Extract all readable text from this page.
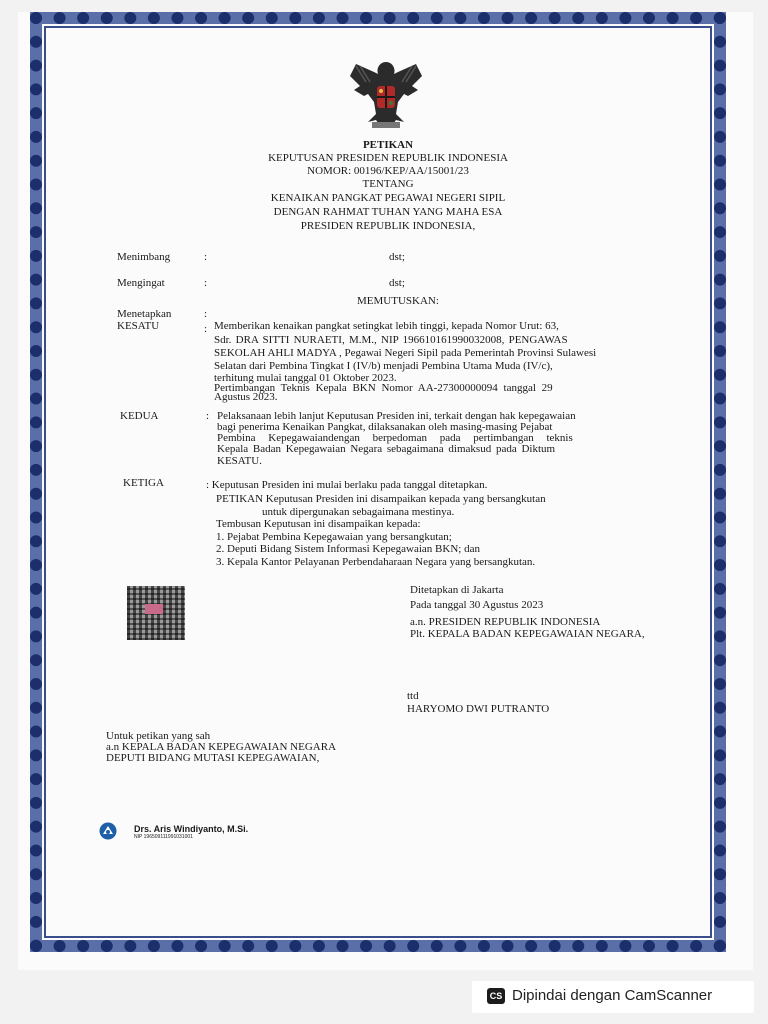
PETIKAN
KEPUTUSAN PRESIDEN REPUBLIK INDONESIA
NOMOR: 00196/KEP/AA/15001/23
TENTANG
KENAIKAN PANGKAT PEGAWAI NEGERI SIPIL
DENGAN RAHMAT TUHAN YANG MAHA ESA
PRESIDEN REPUBLIK INDONESIA,
Menimbang	:	dst;
Mengingat	:	dst;
MEMUTUSKAN:
Menetapkan	:
KESATU	: Memberikan kenaikan pangkat setingkat lebih tinggi, kepada Nomor Urut: 63,
Sdr. DRA SITTI NURAETI, M.M., NIP 196610161990032008, PENGAWAS
SEKOLAH AHLI MADYA , Pegawai Negeri Sipil pada Pemerintah Provinsi Sulawesi
Selatan dari Pembina Tingkat I (IV/b) menjadi Pembina Utama Muda (IV/c),
terhitung mulai tanggal 01 Oktober 2023.
Pertimbangan Teknis Kepala BKN Nomor AA-27300000094 tanggal 29
Agustus 2023.
KEDUA	: Pelaksanaan lebih lanjut Keputusan Presiden ini, terkait dengan hak kepegawaian
bagi penerima Kenaikan Pangkat, dilaksanakan oleh masing-masing Pejabat
Pembina Kepegawaiandengan berpedoman pada pertimbangan teknis
Kepala Badan Kepegawaian Negara sebagaimana dimaksud pada Diktum
KESATU.
KETIGA	: Keputusan Presiden ini mulai berlaku pada tanggal ditetapkan.
PETIKAN Keputusan Presiden ini disampaikan kepada yang bersangkutan
untuk dipergunakan sebagaimana mestinya.
Tembusan Keputusan ini disampaikan kepada:
1. Pejabat Pembina Kepegawaian yang bersangkutan;
2. Deputi Bidang Sistem Informasi Kepegawaian BKN; dan
3. Kepala Kantor Pelayanan Perbendaharaan Negara yang bersangkutan.
Ditetapkan di Jakarta
Pada tanggal 30 Agustus 2023
a.n. PRESIDEN REPUBLIK INDONESIA
Plt. KEPALA BADAN KEPEGAWAIAN NEGARA,
ttd
HARYOMO DWI PUTRANTO
Untuk petikan yang sah
a.n KEPALA BADAN KEPEGAWAIAN NEGARA
DEPUTI BIDANG MUTASI KEPEGAWAIAN,
Drs. Aris Windiyanto, M.Si.
NIP 196509111991031001
CS Dipindai dengan CamScanner
